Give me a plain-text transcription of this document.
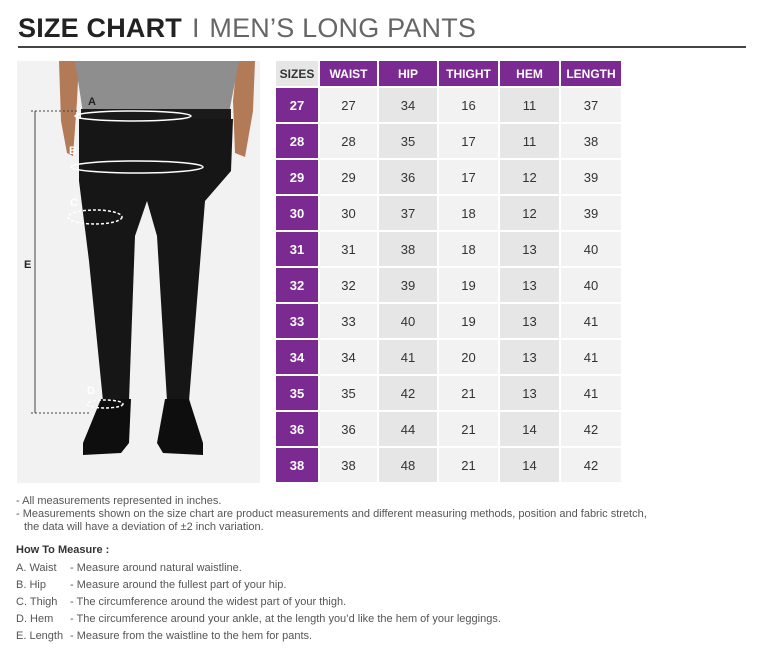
SIZE CHART I MEN’S LONG PANTS
A
B
C
D
E
SIZES	WAIST	HIP	THIGHT	HEM	LENGTH
27	27	34	16	11	37
28	28	35	17	11	38
29	29	36	17	12	39
30	30	37	18	12	39
31	31	38	18	13	40
32	32	39	19	13	40
33	33	40	19	13	41
34	34	41	20	13	41
35	35	42	21	13	41
36	36	44	21	14	42
38	38	48	21	14	42
- All measurements represented in inches.
- Measurements shown on the size chart are product measurements and different measuring methods, position and fabric stretch,
the data will have a deviation of ±2 inch variation.
How To Measure :
A. Waist - Measure around natural waistline.
B. Hip - Measure around the fullest part of your hip.
C. Thigh - The circumference around the widest part of your thigh.
D. Hem - The circumference around your ankle, at the length you’d like the hem of your leggings.
E. Length - Measure from the waistline to the hem for pants.
